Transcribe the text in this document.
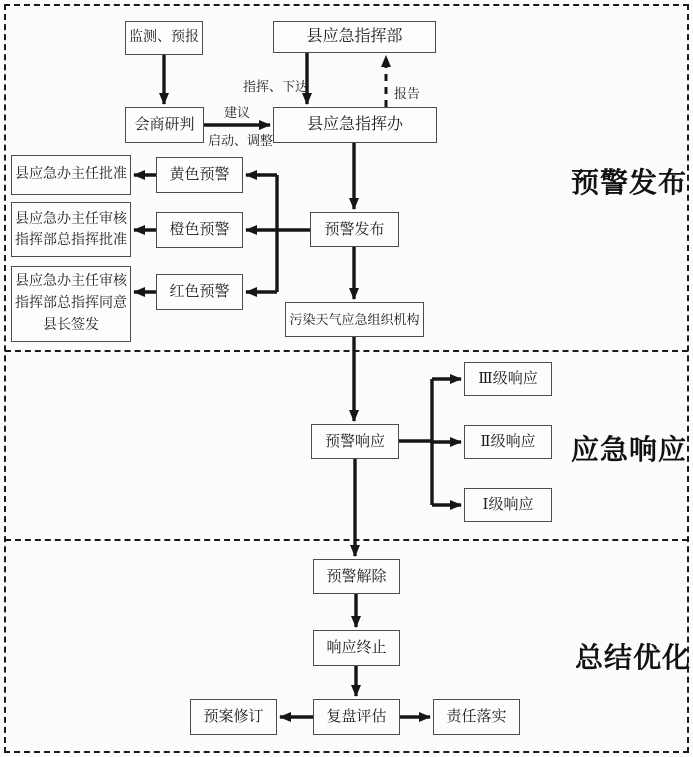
监测、预报	县应急指挥部
会商研判	县应急指挥办
指挥、下达	报告
建议
启动、调整
县应急办主任批准	黄色预警
县应急办主任审核
指挥部总指挥批准
橙色预警
县应急办主任审核
指挥部总指挥同意
县长签发
红色预警
预警发布
污染天气应急组织机构
预警发布
预警响应
Ⅲ级响应
Ⅱ级响应
Ⅰ级响应
应急响应
预警解除
响应终止
复盘评估
预案修订	责任落实
总结优化
